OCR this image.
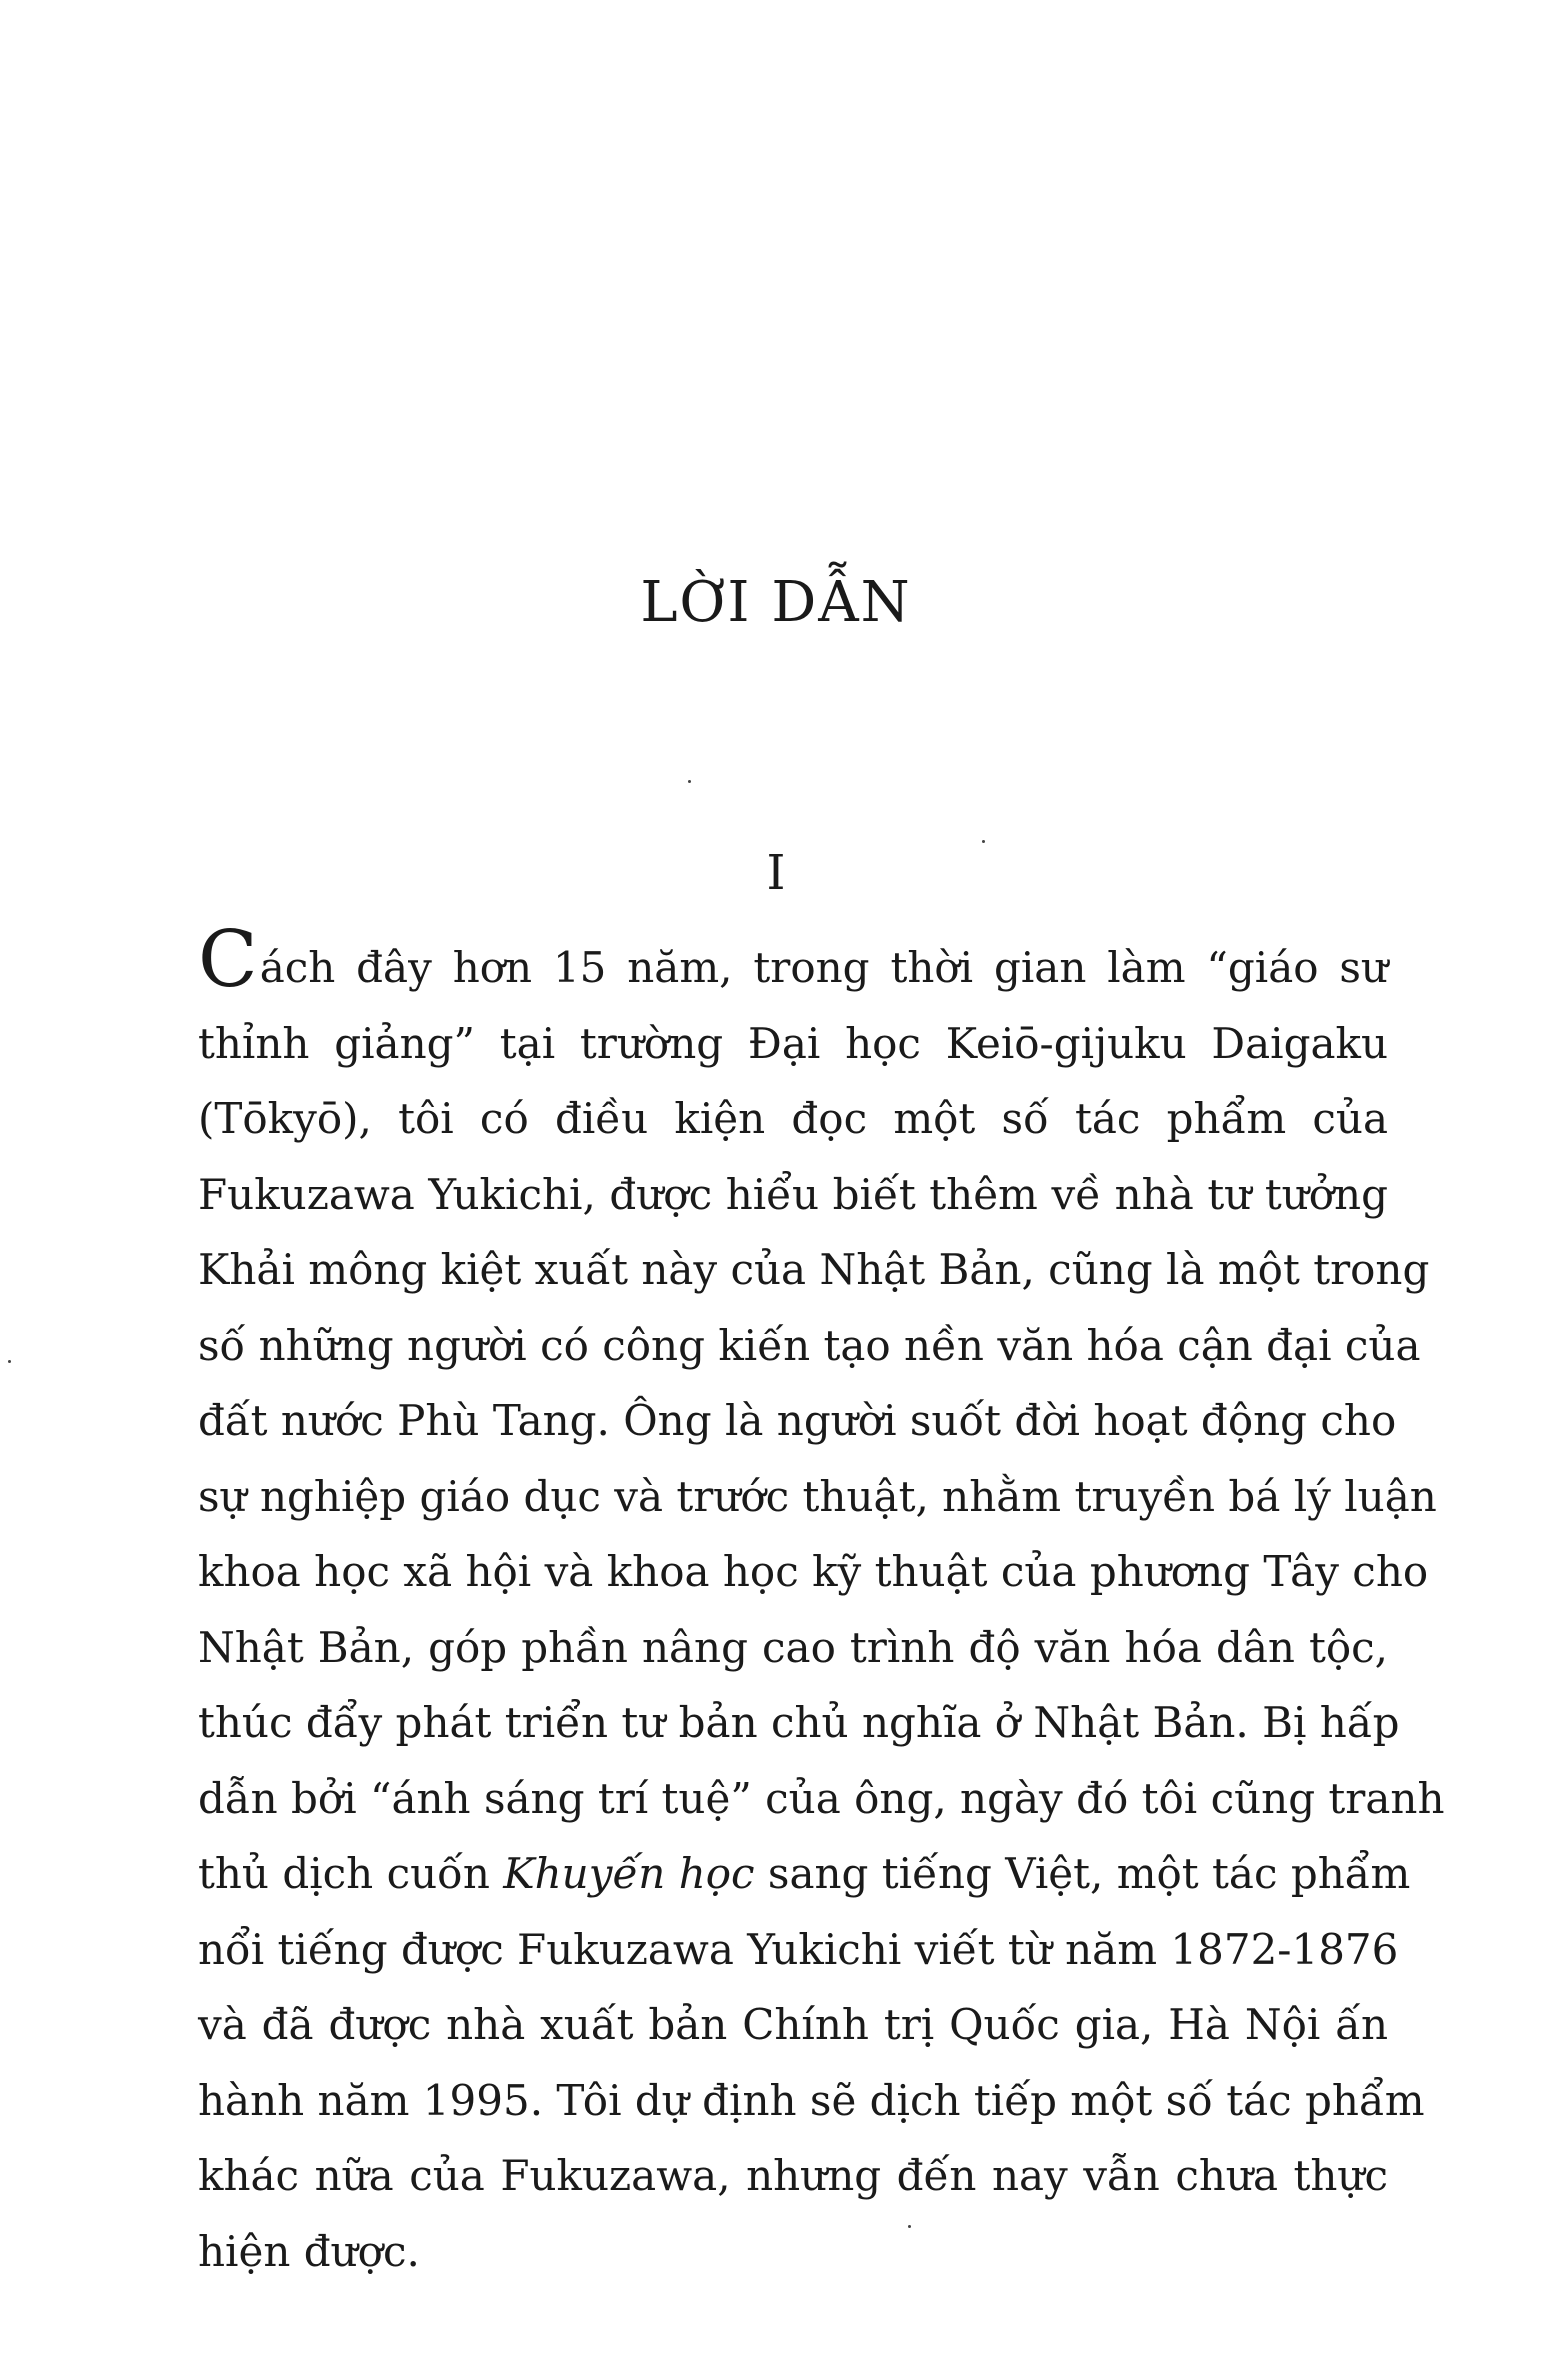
LỜI DẪN
I
Cách đây hơn 15 năm, trong thời gian làm “giáo sư
thỉnh giảng” tại trường Đại học Keiō-gijuku Daigaku
(Tōkyō), tôi có điều kiện đọc một số tác phẩm của
Fukuzawa Yukichi, được hiểu biết thêm về nhà tư tưởng
Khải mông kiệt xuất này của Nhật Bản, cũng là một trong
số những người có công kiến tạo nền văn hóa cận đại của
đất nước Phù Tang. Ông là người suốt đời hoạt động cho
sự nghiệp giáo dục và trước thuật, nhằm truyền bá lý luận
khoa học xã hội và khoa học kỹ thuật của phương Tây cho
Nhật Bản, góp phần nâng cao trình độ văn hóa dân tộc,
thúc đẩy phát triển tư bản chủ nghĩa ở Nhật Bản. Bị hấp
dẫn bởi “ánh sáng trí tuệ” của ông, ngày đó tôi cũng tranh
thủ dịch cuốn Khuyến học sang tiếng Việt, một tác phẩm
nổi tiếng được Fukuzawa Yukichi viết từ năm 1872-1876
và đã được nhà xuất bản Chính trị Quốc gia, Hà Nội ấn
hành năm 1995. Tôi dự định sẽ dịch tiếp một số tác phẩm
khác nữa của Fukuzawa, nhưng đến nay vẫn chưa thực
hiện được.
